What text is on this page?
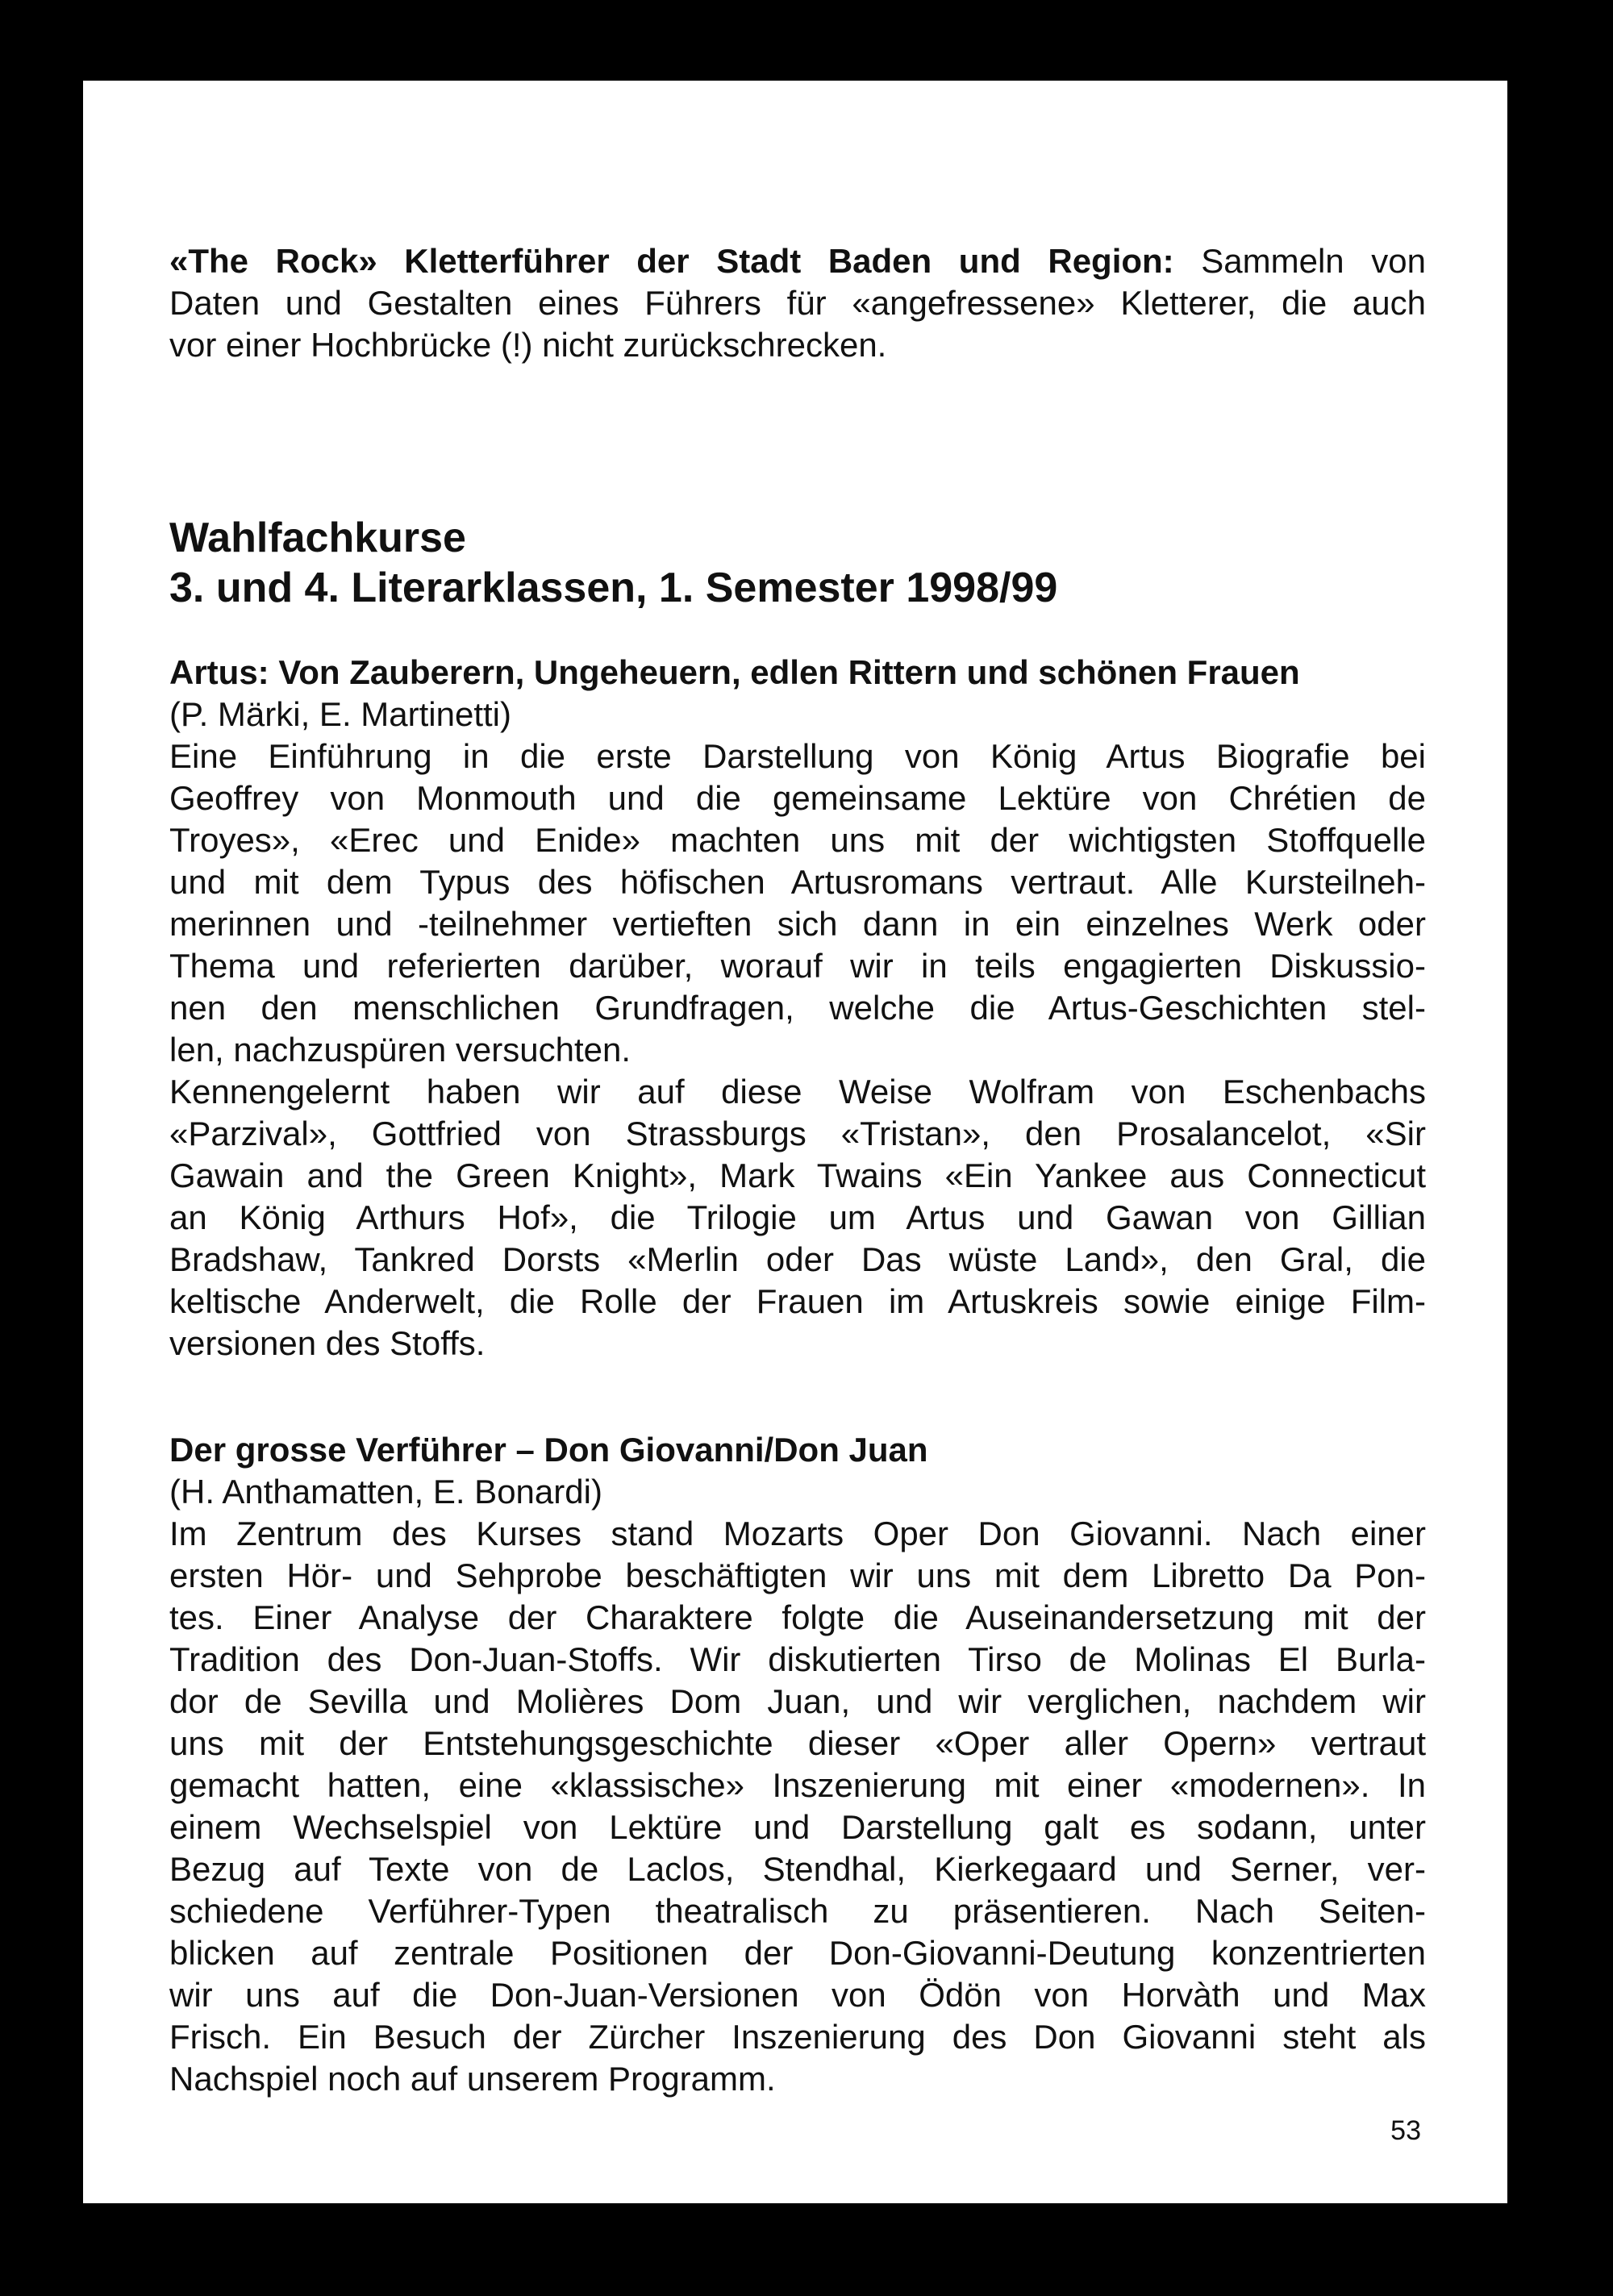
«The Rock» Kletterführer der Stadt Baden und Region: Sammeln von
Daten und Gestalten eines Führers für «angefressene» Kletterer, die auch
vor einer Hochbrücke (!) nicht zurückschrecken.

Wahlfachkurse

3. und 4. Literarklassen, 1. Semester 1998/99

Artus: Von Zauberern, Ungeheuern, edlen Rittern und schönen Frauen

(P. Märki, E. Martinetti)

Eine Einführung in die erste Darstellung von König Artus Biografie bei
Geoffrey von Monmouth und die gemeinsame Lektüre von Chrétien de
Troyes», «Erec und Enide» machten uns mit der wichtigsten Stoffquelle
und mit dem Typus des höfischen Artusromans vertraut. Alle Kursteilneh-
merinnen und -teilnehmer vertieften sich dann in ein einzelnes Werk oder
Thema und referierten darüber, worauf wir in teils engagierten Diskussio-
nen den menschlichen Grundfragen, welche die Artus-Geschichten stel-
len, nachzuspüren versuchten.
Kennengelernt haben wir auf diese Weise Wolfram von Eschenbachs
«Parzival», Gottfried von Strassburgs «Tristan», den Prosalancelot, «Sir
Gawain and the Green Knight», Mark Twains «Ein Yankee aus Connecticut
an König Arthurs Hof», die Trilogie um Artus und Gawan von Gillian
Bradshaw, Tankred Dorsts «Merlin oder Das wüste Land», den Gral, die
keltische Anderwelt, die Rolle der Frauen im Artuskreis sowie einige Film-
versionen des Stoffs.

Der grosse Verführer – Don Giovanni/Don Juan

(H. Anthamatten, E. Bonardi)

Im Zentrum des Kurses stand Mozarts Oper Don Giovanni. Nach einer
ersten Hör- und Sehprobe beschäftigten wir uns mit dem Libretto Da Pon-
tes. Einer Analyse der Charaktere folgte die Auseinandersetzung mit der
Tradition des Don-Juan-Stoffs. Wir diskutierten Tirso de Molinas El Burla-
dor de Sevilla und Molières Dom Juan, und wir verglichen, nachdem wir
uns mit der Entstehungsgeschichte dieser «Oper aller Opern» vertraut
gemacht hatten, eine «klassische» Inszenierung mit einer «modernen». In
einem Wechselspiel von Lektüre und Darstellung galt es sodann, unter
Bezug auf Texte von de Laclos, Stendhal, Kierkegaard und Serner, ver-
schiedene Verführer-Typen theatralisch zu präsentieren. Nach Seiten-
blicken auf zentrale Positionen der Don-Giovanni-Deutung konzentrierten
wir uns auf die Don-Juan-Versionen von Ödön von Horvàth und Max
Frisch. Ein Besuch der Zürcher Inszenierung des Don Giovanni steht als
Nachspiel noch auf unserem Programm.

53
